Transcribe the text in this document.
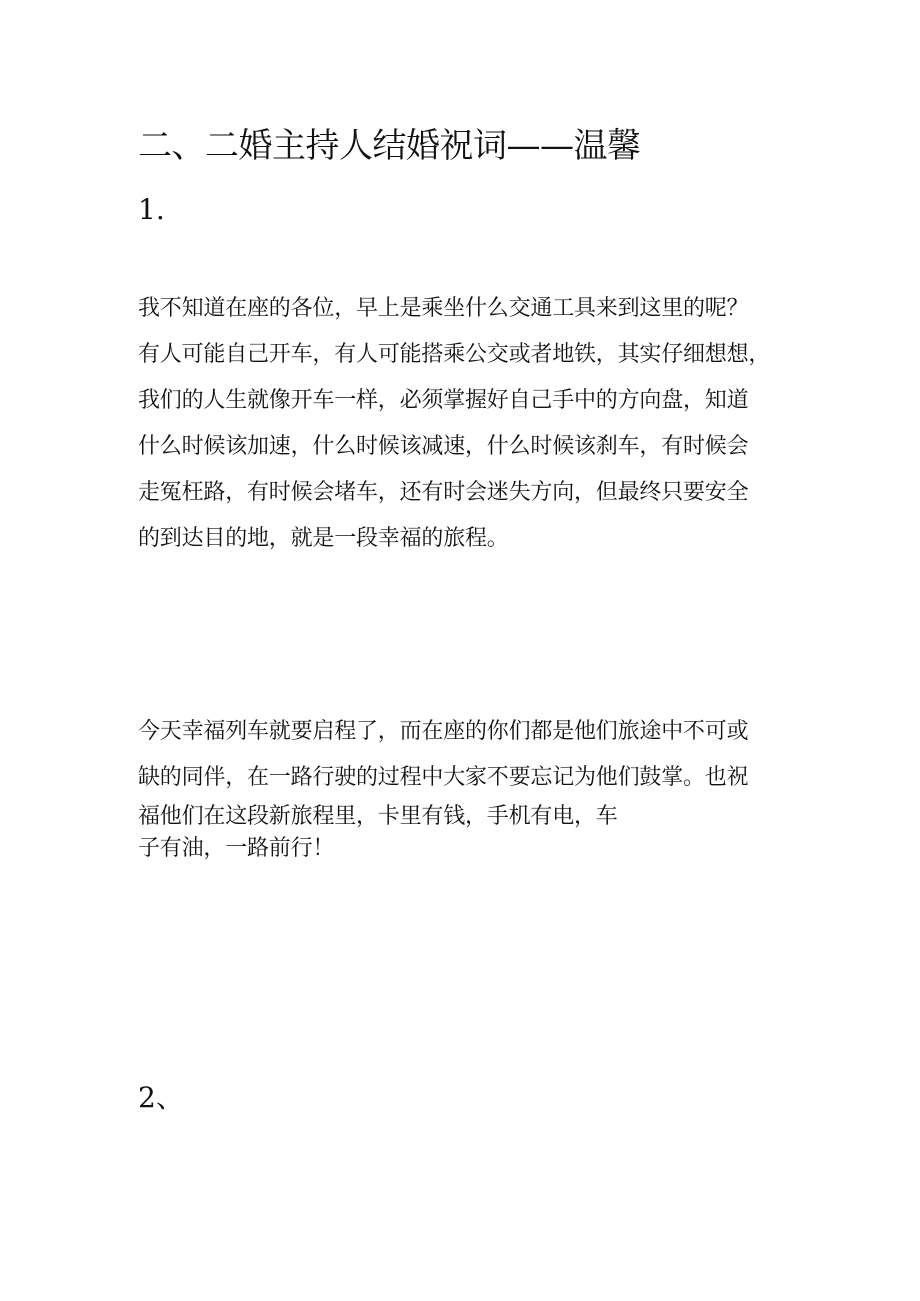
二、二婚主持人结婚祝词——温馨
1.
我不知道在座的各位，早上是乘坐什么交通工具来到这里的呢？
有人可能自己开车，有人可能搭乘公交或者地铁，其实仔细想想，
我们的人生就像开车一样，必须掌握好自己手中的方向盘，知道
什么时候该加速，什么时候该减速，什么时候该刹车，有时候会
走冤枉路，有时候会堵车，还有时会迷失方向，但最终只要安全
的到达目的地，就是一段幸福的旅程。
今天幸福列车就要启程了，而在座的你们都是他们旅途中不可或
缺的同伴，在一路行驶的过程中大家不要忘记为他们鼓掌。也祝
福他们在这段新旅程里，卡里有钱，手机有电，车
子有油，一路前行！
2、
